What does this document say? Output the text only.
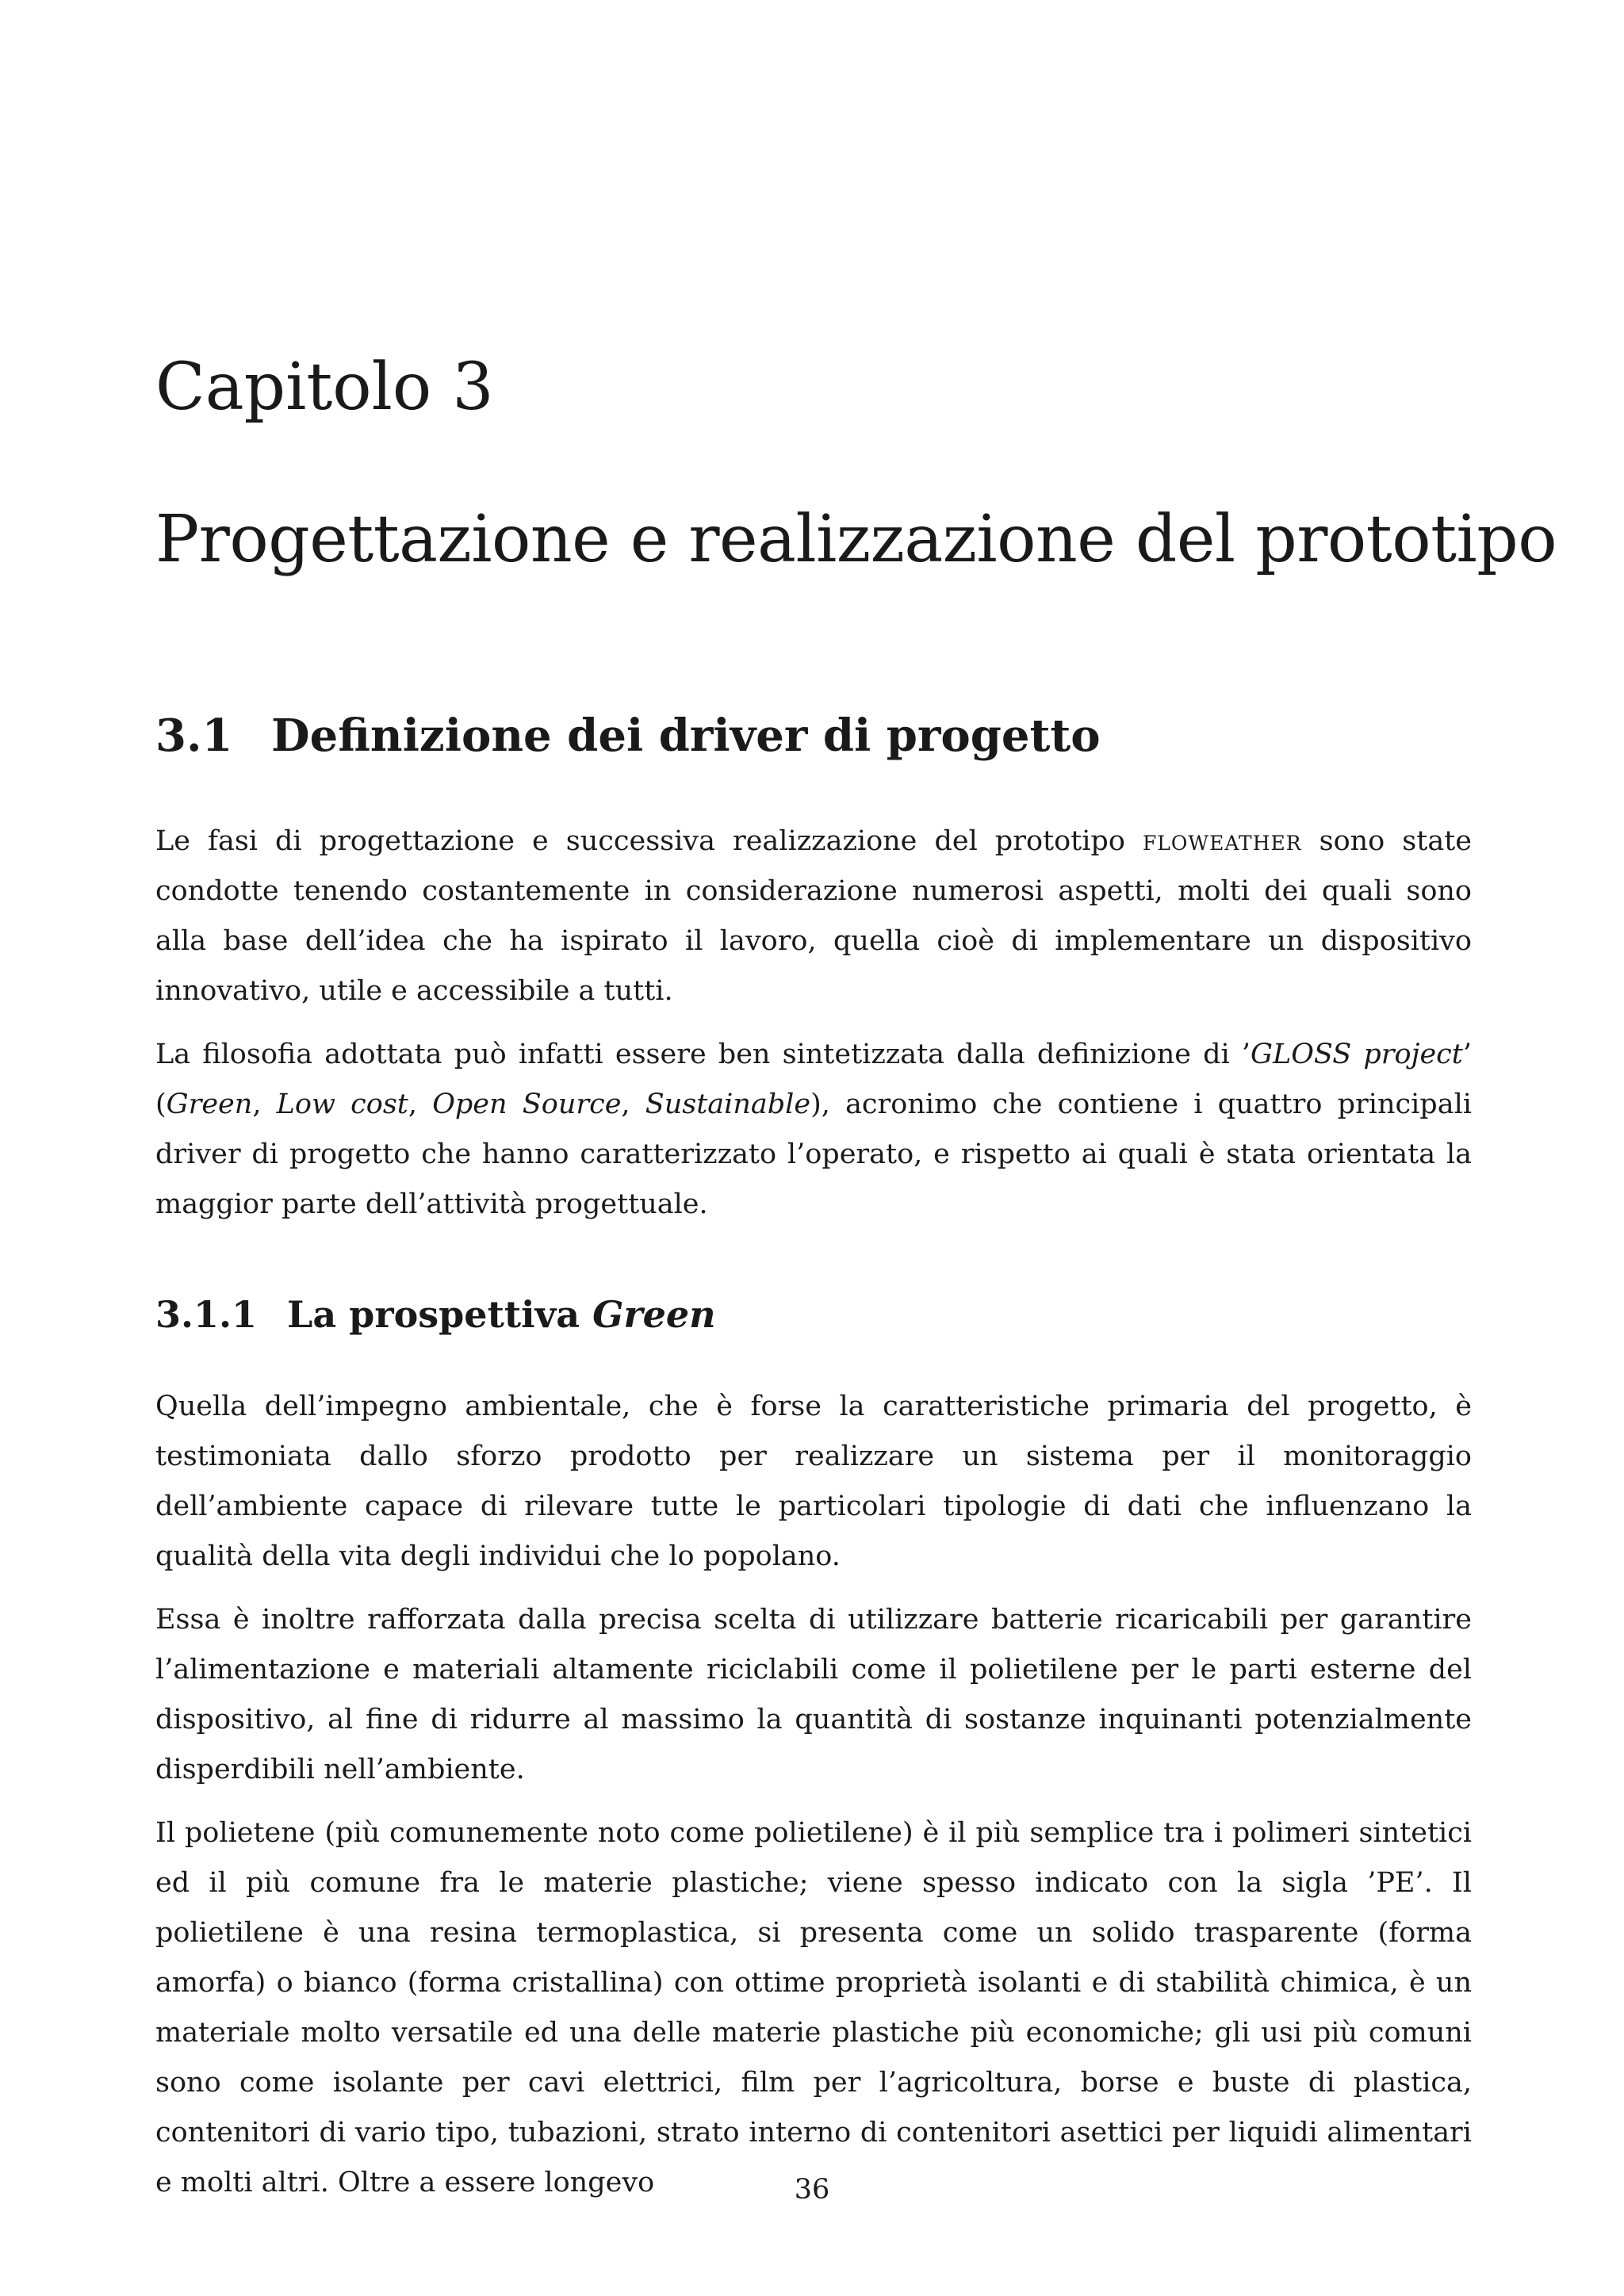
Capitolo 3
Progettazione e realizzazione del prototipo
3.1 Definizione dei driver di progetto

Le fasi di progettazione e successiva realizzazione del prototipo floweather sono state condotte tenendo costantemente in considerazione numerosi aspetti, molti dei quali sono alla base dell’idea che ha ispirato il lavoro, quella cioè di implementare un dispositivo innovativo, utile e accessibile a tutti.

La filosofia adottata può infatti essere ben sintetizzata dalla definizione di ’GLOSS project’ (Green, Low cost, Open Source, Sustainable), acronimo che contiene i quattro principali driver di progetto che hanno caratterizzato l’operato, e rispetto ai quali è stata orientata la maggior parte dell’attività progettuale.

3.1.1 La prospettiva Green

Quella dell’impegno ambientale, che è forse la caratteristiche primaria del progetto, è testimoniata dallo sforzo prodotto per realizzare un sistema per il monitoraggio dell’ambiente capace di rilevare tutte le particolari tipologie di dati che influenzano la qualità della vita degli individui che lo popolano.

Essa è inoltre rafforzata dalla precisa scelta di utilizzare batterie ricaricabili per garantire l’alimentazione e materiali altamente riciclabili come il polietilene per le parti esterne del dispositivo, al fine di ridurre al massimo la quantità di sostanze inquinanti potenzialmente disperdibili nell’ambiente.

Il polietene (più comunemente noto come polietilene) è il più semplice tra i polimeri sintetici ed il più comune fra le materie plastiche; viene spesso indicato con la sigla ’PE’. Il polietilene è una resina termoplastica, si presenta come un solido trasparente (forma amorfa) o bianco (forma cristallina) con ottime proprietà isolanti e di stabilità chimica, è un materiale molto versatile ed una delle materie plastiche più economiche; gli usi più comuni sono come isolante per cavi elettrici, film per l’agricoltura, borse e buste di plastica, contenitori di vario tipo, tubazioni, strato interno di contenitori asettici per liquidi alimentari e molti altri. Oltre a essere longevo	36
